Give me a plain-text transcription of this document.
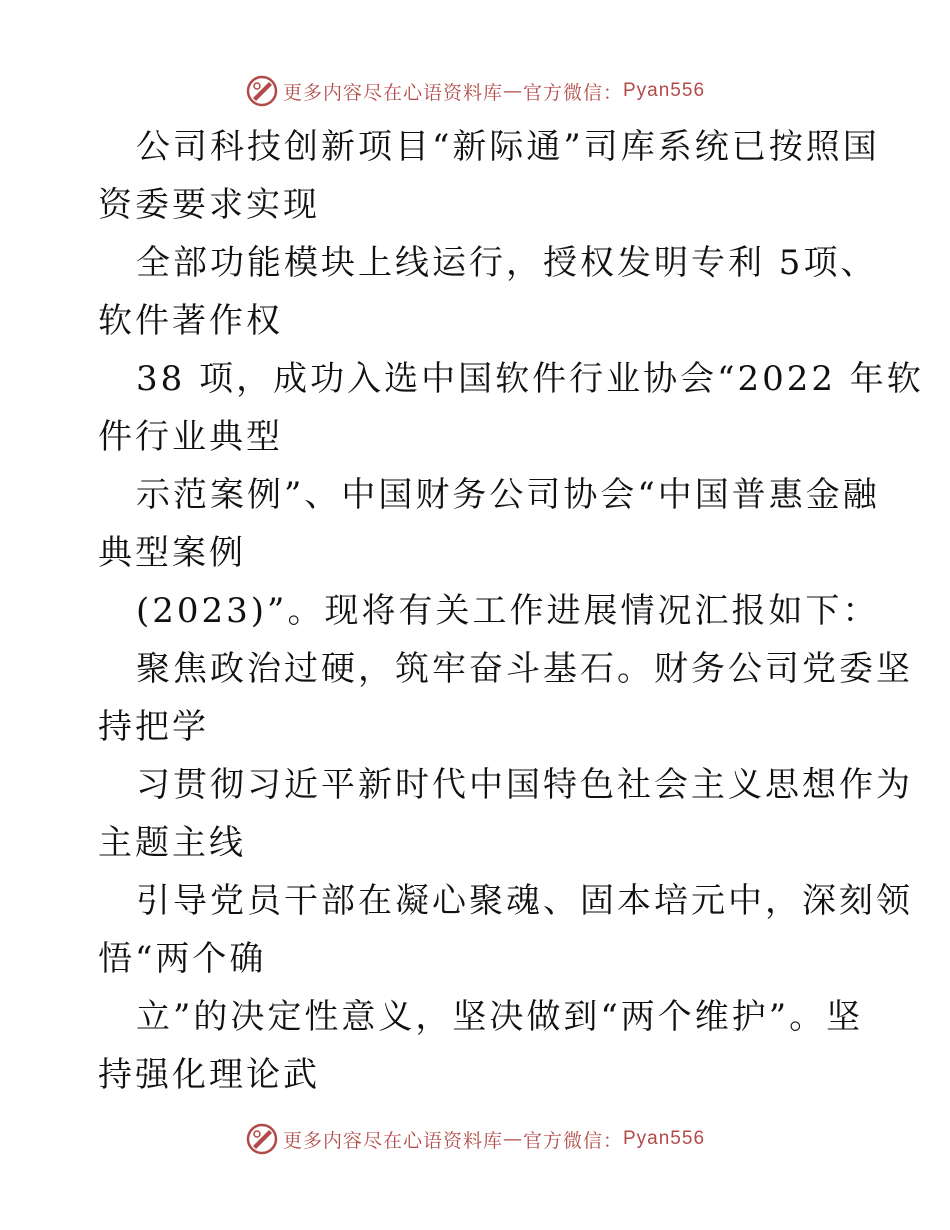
更多内容尽在心语资料库 — 官方微信： Pyan556

公司科技创新项目“新际通”司库系统已按照国
资委要求实现

全部功能模块上线运行，授权发明专利 5项、
软件著作权

38 项，成功入选中国软件行业协会“2022 年软
件行业典型

示范案例”、中国财务公司协会“中国普惠金融
典型案例

(2023)”。现将有关工作进展情况汇报如下：

聚焦政治过硬，筑牢奋斗基石。财务公司党委坚
持把学

习贯彻习近平新时代中国特色社会主义思想作为
主题主线

引导党员干部在凝心聚魂、固本培元中，深刻领
悟“两个确

立”的决定性意义，坚决做到“两个维护”。坚
持强化理论武

更多内容尽在心语资料库 — 官方微信： Pyan556
